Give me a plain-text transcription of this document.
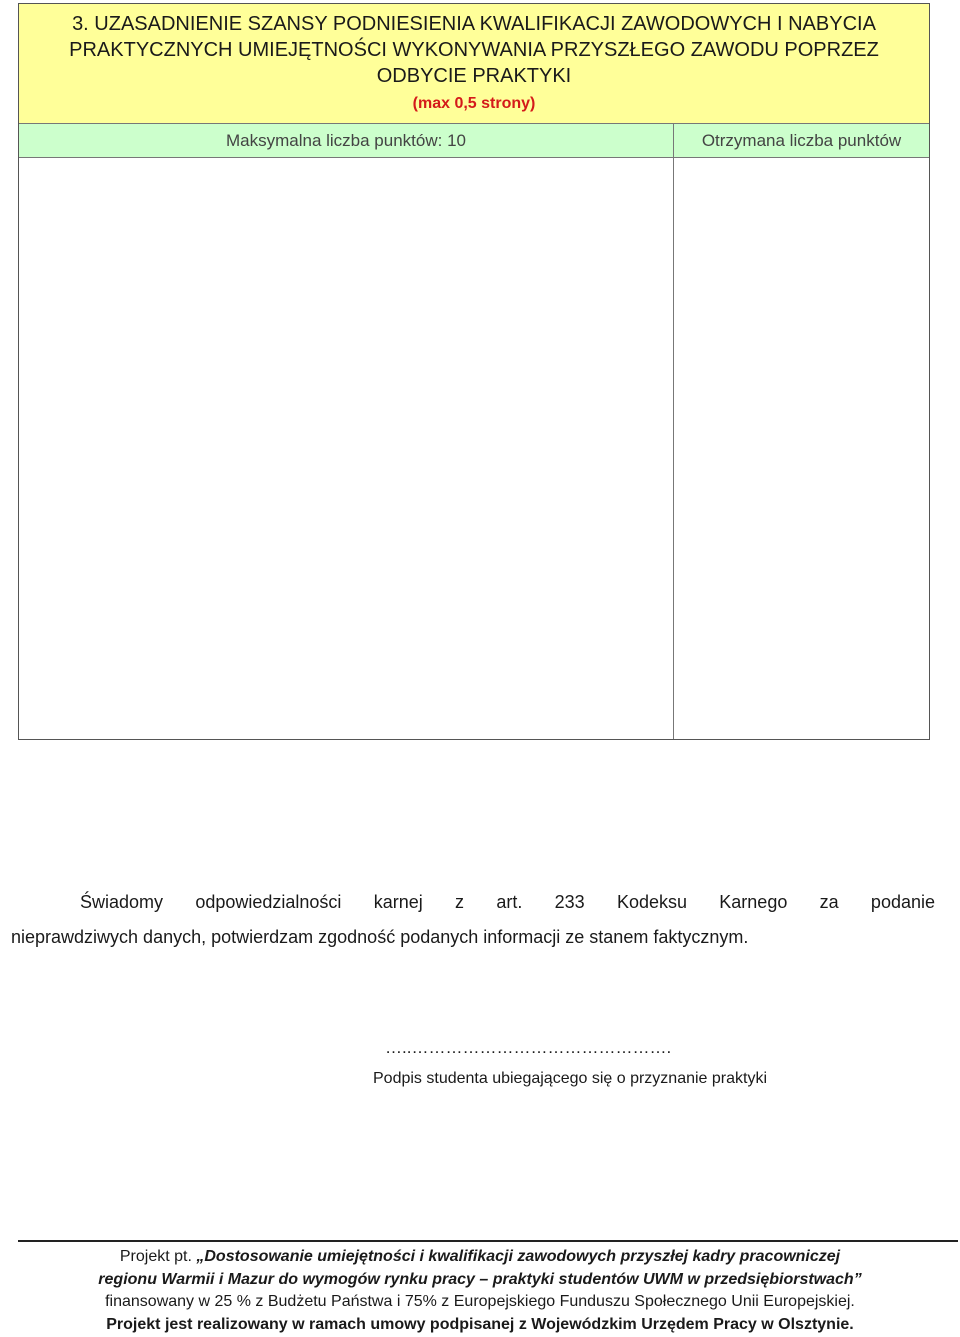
3. UZASADNIENIE SZANSY PODNIESIENIA KWALIFIKACJI ZAWODOWYCH I NABYCIA PRAKTYCZNYCH UMIEJĘTNOŚCI WYKONYWANIA PRZYSZŁEGO ZAWODU POPRZEZ ODBYCIE PRAKTYKI
(max 0,5 strony)
Maksymalna liczba punktów: 10	Otrzymana liczba punktów
Świadomy odpowiedzialności karnej z art. 233 Kodeksu Karnego za podanie
nieprawdziwych danych, potwierdzam zgodność podanych informacji ze stanem faktycznym.
…..……………………………………….
Podpis studenta ubiegającego się o przyznanie praktyki
Projekt pt. „Dostosowanie umiejętności i kwalifikacji zawodowych przyszłej kadry pracowniczej
regionu Warmii i Mazur do wymogów rynku pracy – praktyki studentów UWM w przedsiębiorstwach”
finansowany w 25 % z Budżetu Państwa i 75% z Europejskiego Funduszu Społecznego Unii Europejskiej.
Projekt jest realizowany w ramach umowy podpisanej z Wojewódzkim Urzędem Pracy w Olsztynie.
